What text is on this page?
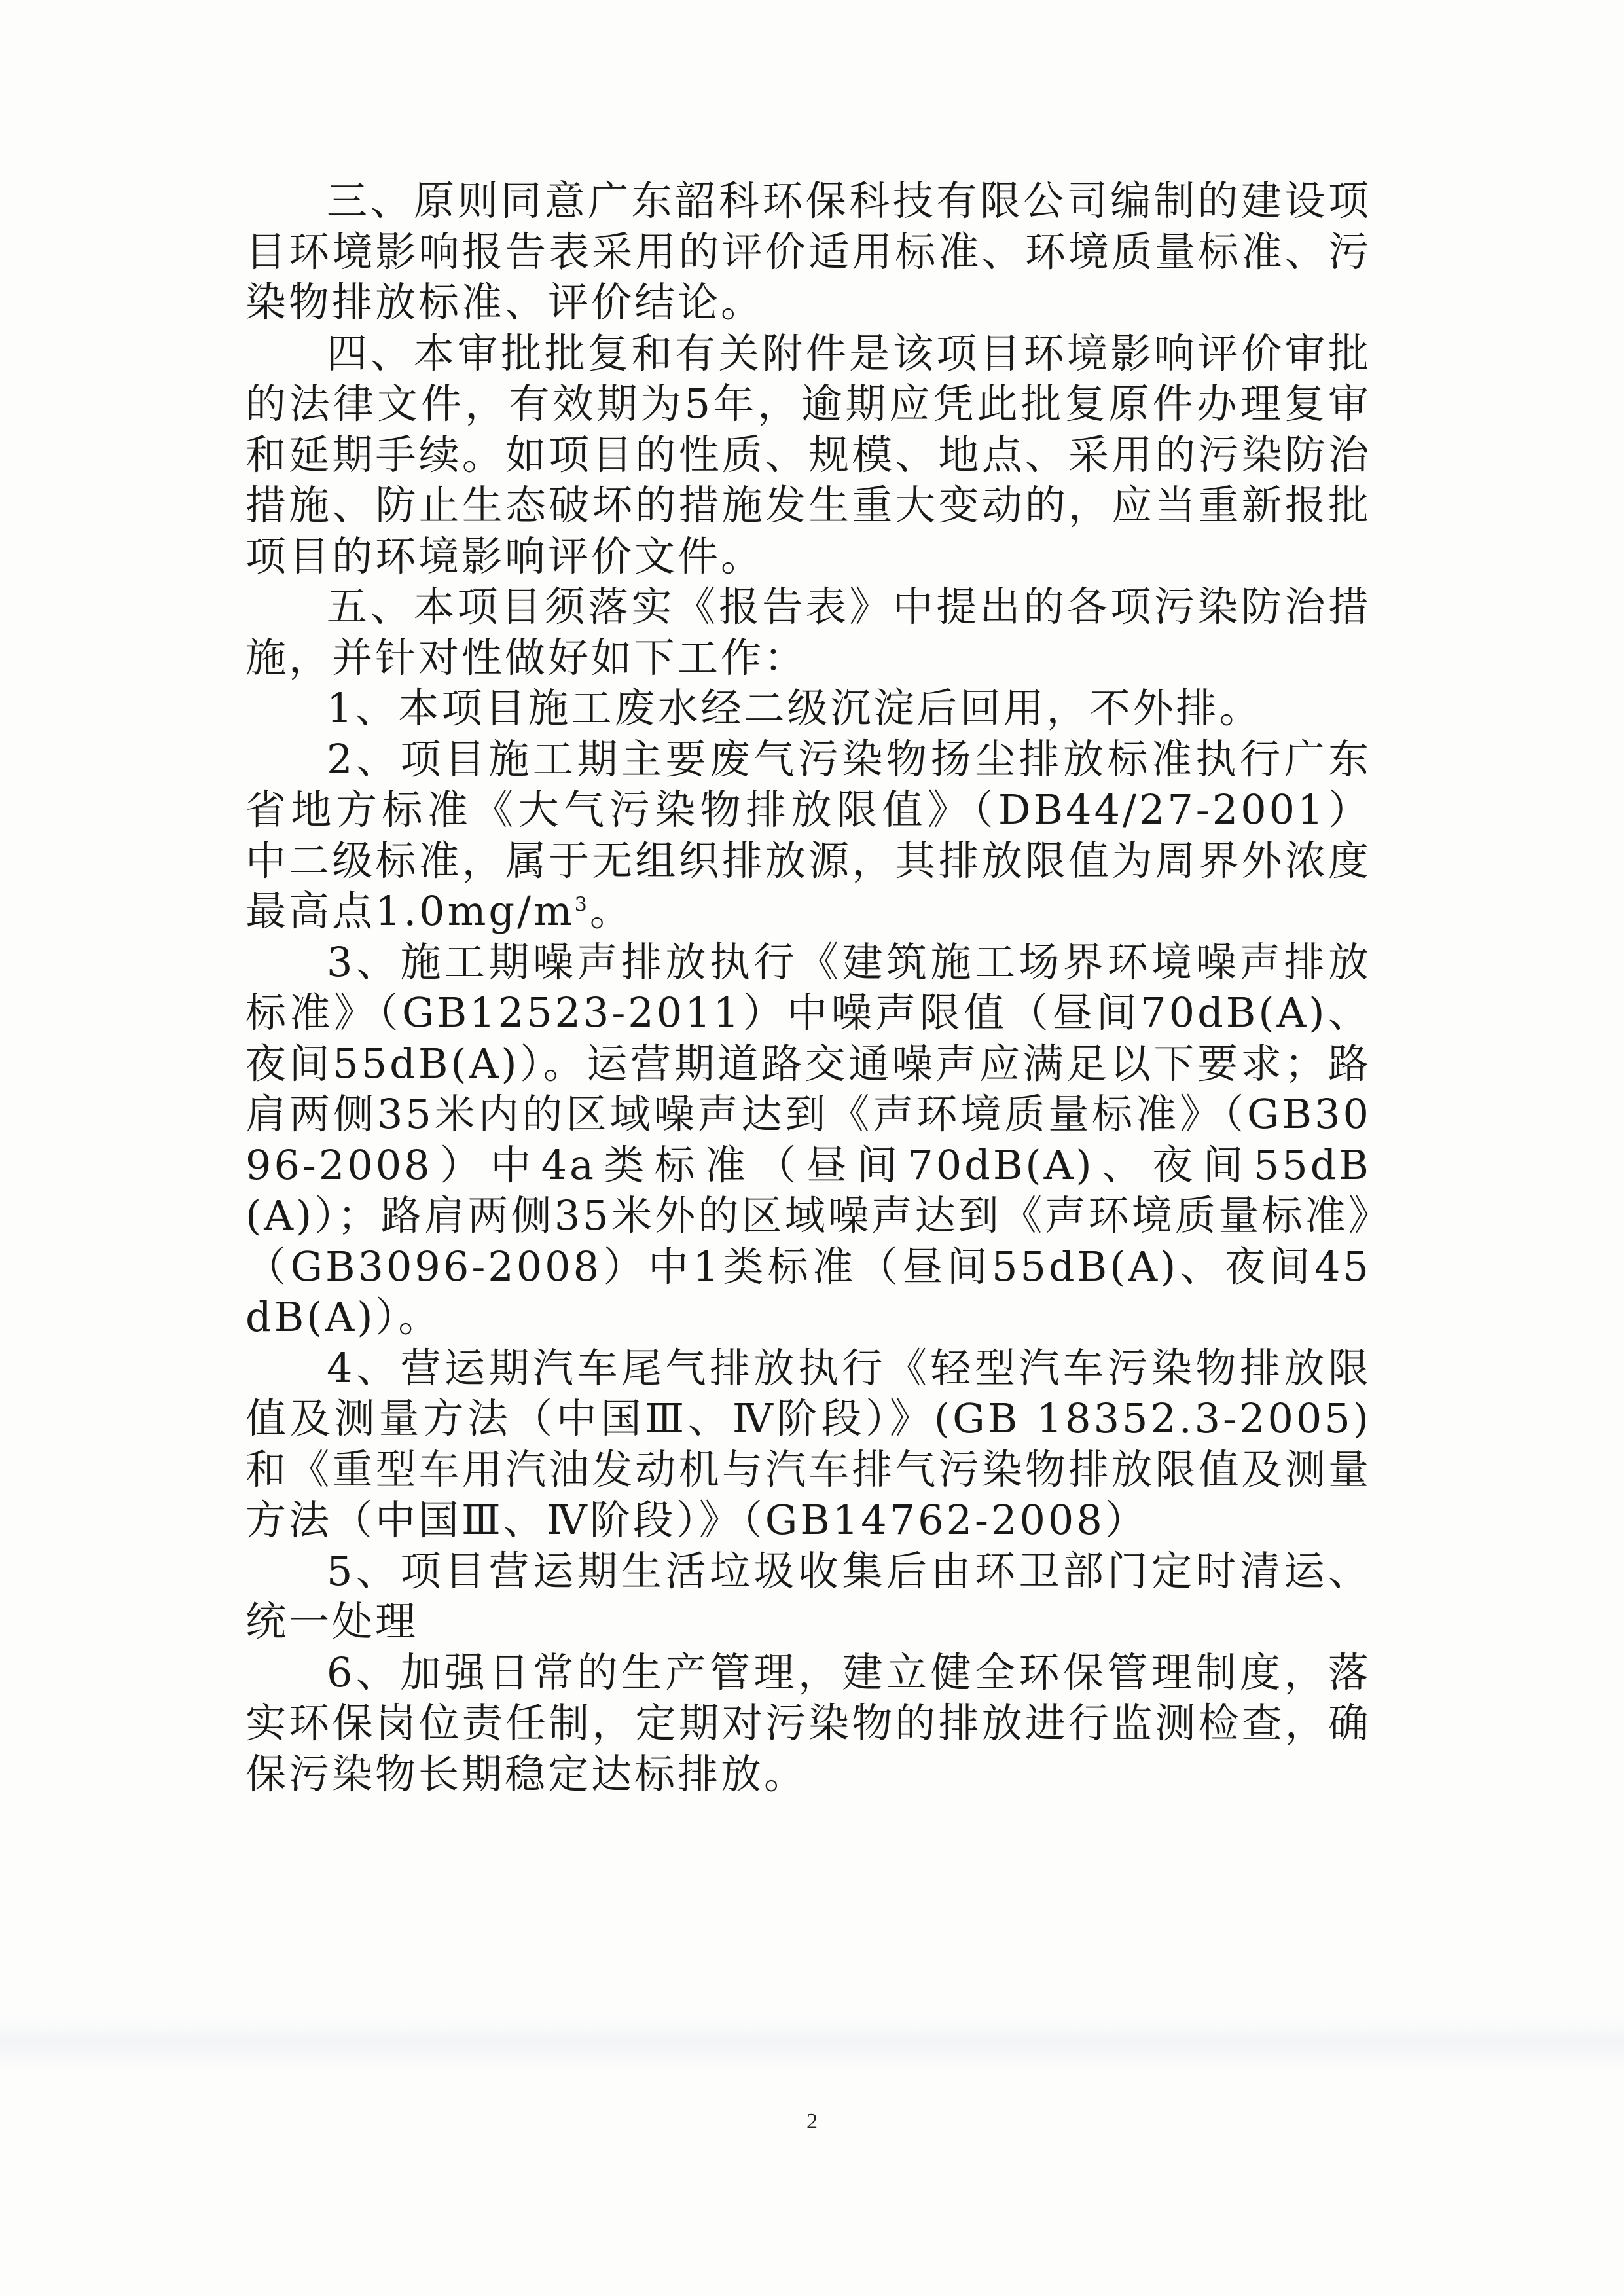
三、原则同意广东韶科环保科技有限公司编制的建设项目环境影响报告表采用的评价适用标准、环境质量标准、污染物排放标准、评价结论。

四、本审批批复和有关附件是该项目环境影响评价审批的法律文件，有效期为5年，逾期应凭此批复原件办理复审和延期手续。如项目的性质、规模、地点、采用的污染防治措施、防止生态破坏的措施发生重大变动的，应当重新报批项目的环境影响评价文件。

五、本项目须落实《报告表》中提出的各项污染防治措施，并针对性做好如下工作：

1、本项目施工废水经二级沉淀后回用，不外排。

2、项目施工期主要废气污染物扬尘排放标准执行广东省地方标准《大气污染物排放限值》（DB44/27-2001）中二级标准，属于无组织排放源，其排放限值为周界外浓度最高点$1.0mg/m^3$。

3、施工期噪声排放执行《建筑施工场界环境噪声排放标准》（GB12523-2011）中噪声限值（昼间70dB(A)、夜间55dB(A)）。运营期道路交通噪声应满足以下要求；路肩两侧35米内的区域噪声达到《声环境质量标准》（GB3096-2008）中4a类标准（昼间70dB(A)、夜间55dB(A)）；路肩两侧35米外的区域噪声达到《声环境质量标准》（GB3096-2008）中1类标准（昼间55dB(A)、夜间45dB(A)）。

4、营运期汽车尾气排放执行《轻型汽车污染物排放限值及测量方法（中国Ⅲ、Ⅳ阶段）》(GB 18352.3-2005)和《重型车用汽油发动机与汽车排气污染物排放限值及测量方法（中国Ⅲ、Ⅳ阶段）》（GB14762-2008）

5、项目营运期生活垃圾收集后由环卫部门定时清运、统一处理

6、加强日常的生产管理，建立健全环保管理制度，落实环保岗位责任制，定期对污染物的排放进行监测检查，确保污染物长期稳定达标排放。

2
